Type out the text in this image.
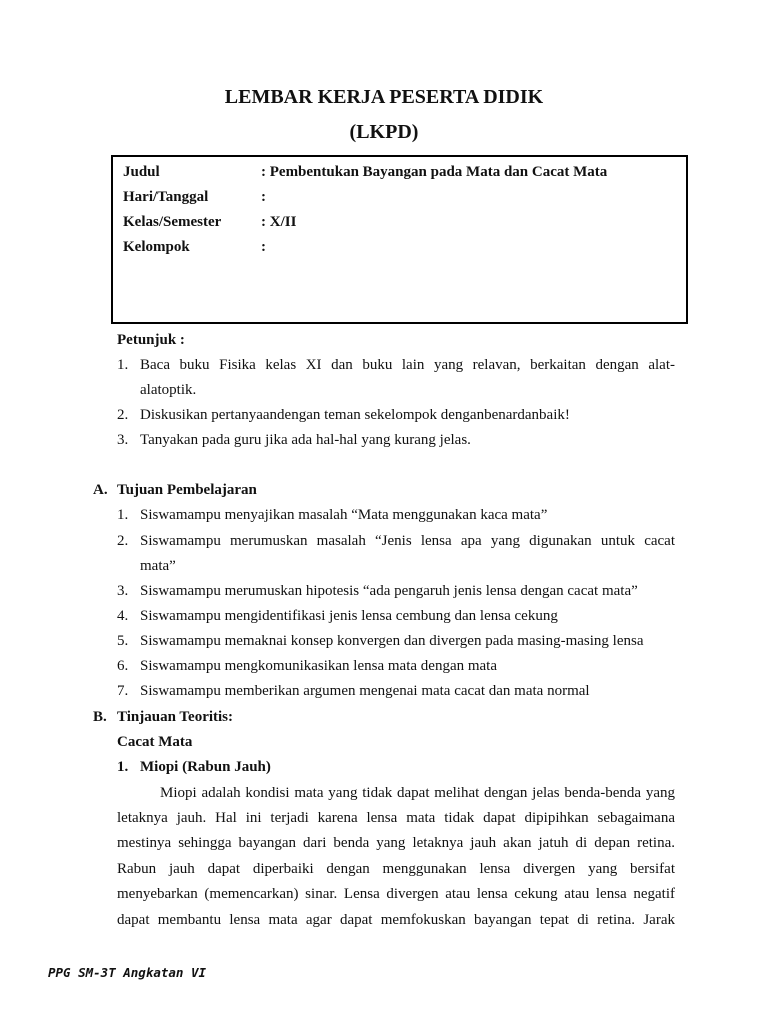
LEMBAR KERJA PESERTA DIDIK
(LKPD)
Judul	: Pembentukan Bayangan pada Mata dan Cacat Mata
Hari/Tanggal	:
Kelas/Semester	: X/II
Kelompok	:
Petunjuk :
1. Baca buku Fisika kelas XI dan buku lain yang relavan, berkaitan dengan alat-
alatoptik.
2. Diskusikan pertanyaandengan teman sekelompok denganbenardanbaik!
3. Tanyakan pada guru jika ada hal-hal yang kurang jelas.
A. Tujuan Pembelajaran
1. Siswamampu menyajikan masalah “Mata menggunakan kaca mata”
2. Siswamampu merumuskan masalah “Jenis lensa apa yang digunakan untuk cacat
mata”
3. Siswamampu merumuskan hipotesis “ada pengaruh jenis lensa dengan cacat mata”
4. Siswamampu mengidentifikasi jenis lensa cembung dan lensa cekung
5. Siswamampu memaknai konsep konvergen dan divergen pada masing-masing lensa
6. Siswamampu mengkomunikasikan lensa mata dengan mata
7. Siswamampu memberikan argumen mengenai mata cacat dan mata normal
B. Tinjauan Teoritis:
Cacat Mata
1. Miopi (Rabun Jauh)
Miopi adalah kondisi mata yang tidak dapat melihat dengan jelas benda-benda yang
letaknya jauh. Hal ini terjadi karena lensa mata tidak dapat dipipihkan sebagaimana
mestinya sehingga bayangan dari benda yang letaknya jauh akan jatuh di depan retina.
Rabun jauh dapat diperbaiki dengan menggunakan lensa divergen yang bersifat
menyebarkan (memencarkan) sinar. Lensa divergen atau lensa cekung atau lensa negatif
dapat membantu lensa mata agar dapat memfokuskan bayangan tepat di retina. Jarak
PPG SM-3T Angkatan VI
